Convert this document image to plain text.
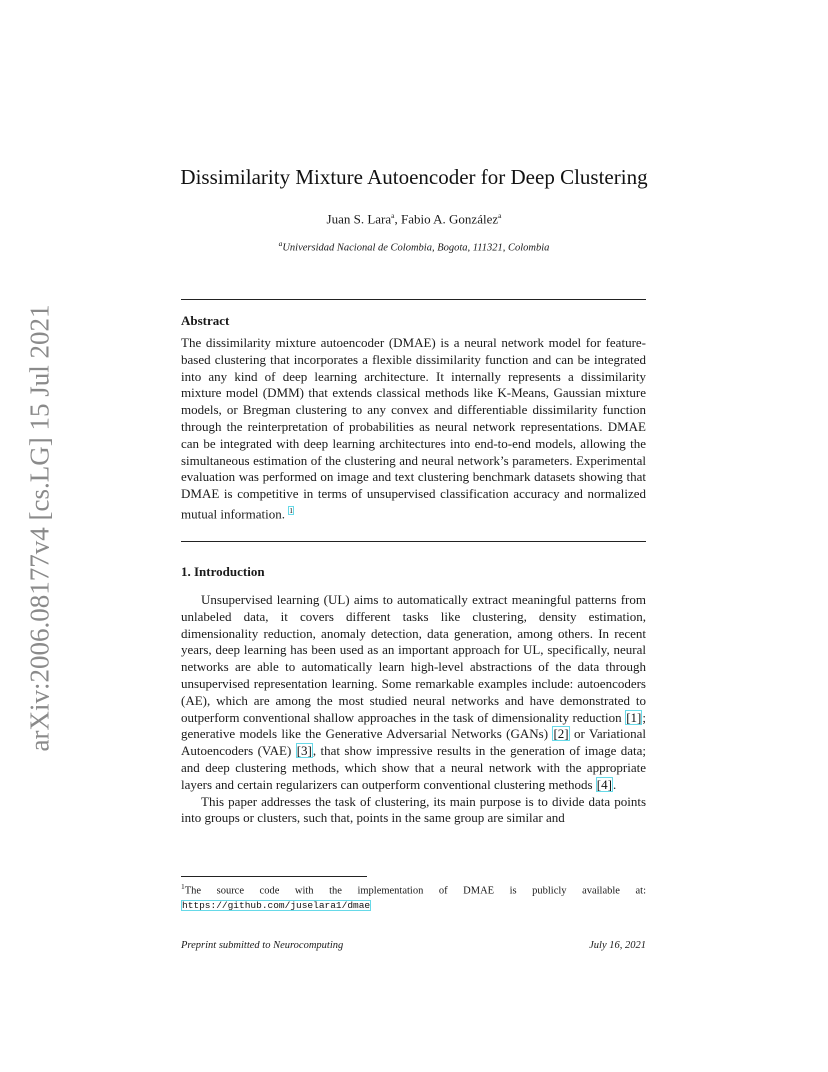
arXiv:2006.08177v4 [cs.LG] 15 Jul 2021
Dissimilarity Mixture Autoencoder for Deep Clustering
Juan S. Lara$^a$, Fabio A. González$^a$
$^a$Universidad Nacional de Colombia, Bogota, 111321, Colombia
Abstract

The dissimilarity mixture autoencoder (DMAE) is a neural network model for feature-based clustering that incorporates a flexible dissimilarity function and can be integrated into any kind of deep learning architecture. It internally represents a dissimilarity mixture model (DMM) that extends classical methods like K-Means, Gaussian mixture models, or Bregman clustering to any convex and differentiable dissimilarity function through the reinterpretation of probabilities as neural network representations. DMAE can be integrated with deep learning architectures into end-to-end models, allowing the simultaneous estimation of the clustering and neural network’s parameters. Experimental evaluation was performed on image and text clustering benchmark datasets showing that DMAE is competitive in terms of unsupervised classification accuracy and normalized mutual information. $^1$

1. Introduction

Unsupervised learning (UL) aims to automatically extract meaningful patterns from unlabeled data, it covers different tasks like clustering, density estimation, dimensionality reduction, anomaly detection, data generation, among others. In recent years, deep learning has been used as an important approach for UL, specifically, neural networks are able to automatically learn high-level abstractions of the data through unsupervised representation learning. Some remarkable examples include: autoencoders (AE), which are among the most studied neural networks and have demonstrated to outperform conventional shallow approaches in the task of dimensionality reduction [1]; generative models like the Generative Adversarial Networks (GANs) [2] or Variational Autoencoders (VAE) [3], that show impressive results in the generation of image data; and deep clustering methods, which show that a neural network with the appropriate layers and certain regularizers can outperform conventional clustering methods [4].

This paper addresses the task of clustering, its main purpose is to divide data points into groups or clusters, such that, points in the same group are similar and

$^1$The source code with the implementation of DMAE is publicly available at: https://github.com/juselara1/dmae
Preprint submitted to Neurocomputing	July 16, 2021
